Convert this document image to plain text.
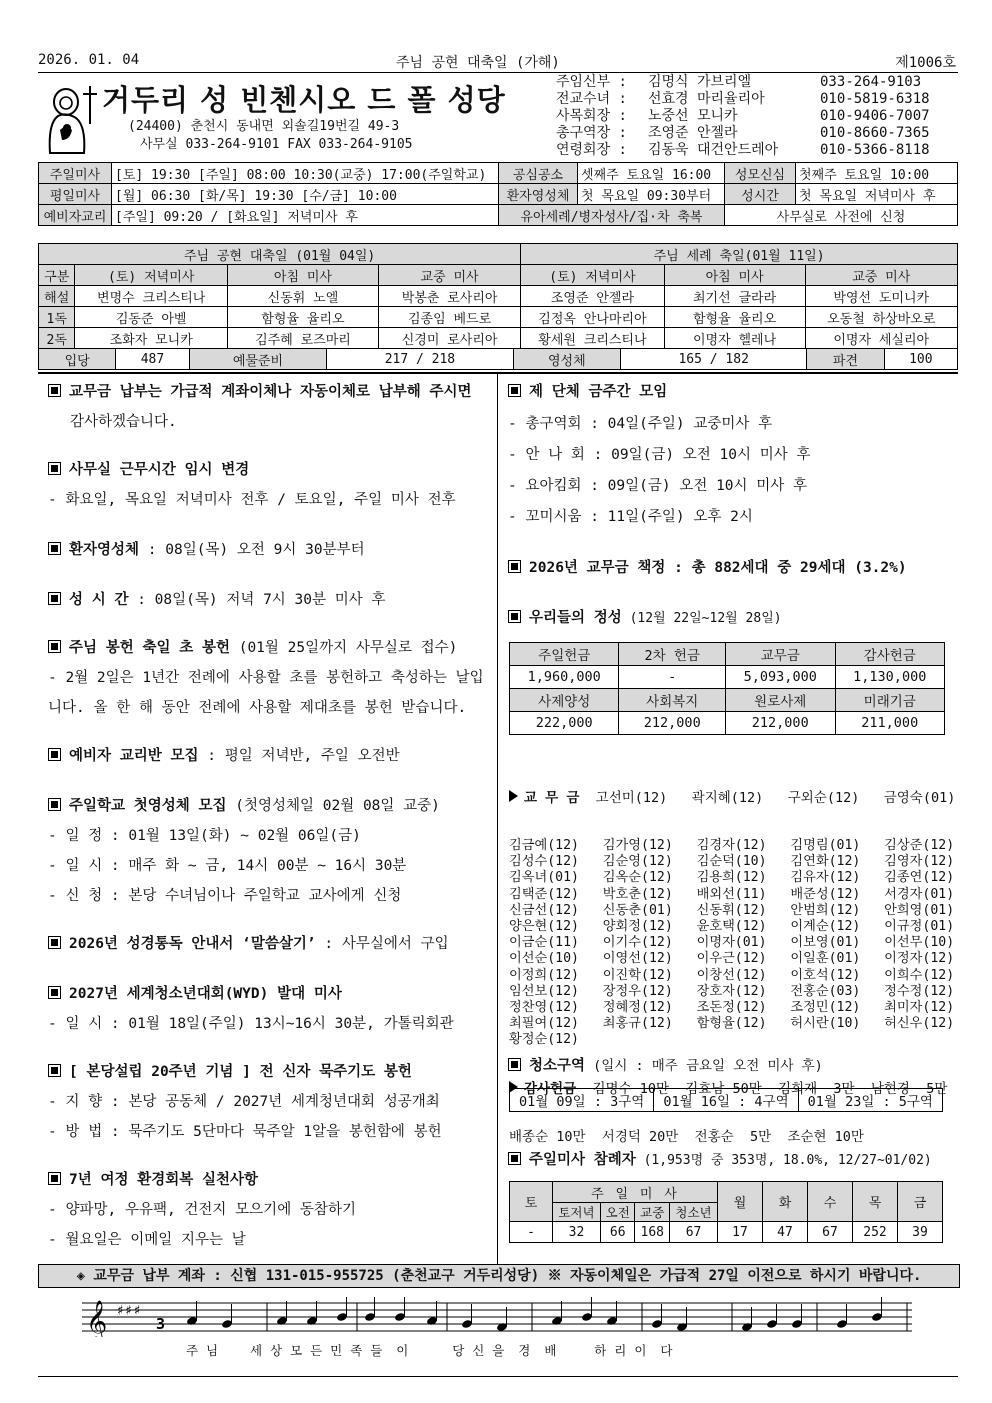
2026. 01. 04	주님 공현 대축일 (가해)	제1006호
거두리 성 빈첸시오 드 폴 성당
(24400) 춘천시 동내면 외솔길19번길 49-3
사무실 033-264-9101 FAX 033-264-9105
주임신부 : 김명식 가브리엘	033-264-9103
전교수녀 : 선효경 마리율리아	010-5819-6318
사목회장 : 노중선 모니카	010-9406-7007
총구역장 : 조영준 안젤라	010-8660-7365
연령회장 : 김동욱 대건안드레아	010-5366-8118
주일미사	[토] 19:30 [주일] 08:00 10:30(교중) 17:00(주일학교)	공심공소	셋째주 토요일 16:00	성모신심	첫째주 토요일 10:00
평일미사	[월] 06:30 [화/목] 19:30 [수/금] 10:00	환자영성체	첫 목요일 09:30부터	성시간	첫 목요일 저녁미사 후
예비자교리	[주일] 09:20 / [화요일] 저녁미사 후	유아세례/병자성사/집·차 축복		사무실로 사전에 신청	
주님 공현 대축일 (01월 04일)				주님 세례 축일(01월 11일)		
구분	(토) 저녁미사	아침 미사	교중 미사	(토) 저녁미사	아침 미사	교중 미사
해설	변명수 크리스티나	신동휘 노엘	박봉춘 로사리아	조영준 안젤라	최기선 글라라	박영선 도미니카
1독	김동준 아벨	함형율 율리오	김종임 베드로	김정옥 안나마리아	함형율 율리오	오동철 하상바오로
2독	조화자 모니카	김주혜 로즈마리	신경미 로사리아	황세원 크리스티나	이명자 헬레나	이명자 세실리아
입당	487	예물준비	217 / 218	영성체	165 / 182	파견	100
교무금 납부는 가급적 계좌이체나 자동이체로 납부해 주시면
감사하겠습니다.
사무실 근무시간 임시 변경
- 화요일, 목요일 저녁미사 전후 / 토요일, 주일 미사 전후
환자영성체 : 08일(목) 오전 9시 30분부터
성 시 간 : 08일(목) 저녁 7시 30분 미사 후
주님 봉헌 축일 초 봉헌 (01월 25일까지 사무실로 접수)
- 2월 2일은 1년간 전례에 사용할 초를 봉헌하고 축성하는 날입
니다. 올 한 해 동안 전례에 사용할 제대초를 봉헌 받습니다.
예비자 교리반 모집 : 평일 저녁반, 주일 오전반
주일학교 첫영성체 모집 (첫영성체일 02월 08일 교중)
- 일 정 : 01월 13일(화) ~ 02월 06일(금)
- 일 시 : 매주 화 ~ 금, 14시 00분 ~ 16시 30분
- 신 청 : 본당 수녀님이나 주일학교 교사에게 신청
2026년 성경통독 안내서 ‘말씀살기’ : 사무실에서 구입
2027년 세계청소년대회(WYD) 발대 미사
- 일 시 : 01월 18일(주일) 13시~16시 30분, 가톨릭회관
[ 본당설립 20주년 기념 ] 전 신자 묵주기도 봉헌
- 지 향 : 본당 공동체 / 2027년 세계청년대회 성공개최
- 방 법 : 묵주기도 5단마다 묵주알 1알을 봉헌함에 봉헌
7년 여정 환경회복 실천사항
- 양파망, 우유팩, 건전지 모으기에 동참하기
- 월요일은 이메일 지우는 날
제 단체 금주간 모임
- 총구역회 : 04일(주일) 교중미사 후
- 안 나 회 : 09일(금) 오전 10시 미사 후
- 요아킴회 : 09일(금) 오전 10시 미사 후
- 꼬미시움 : 11일(주일) 오후 2시
2026년 교무금 책정 : 총 882세대 중 29세대 (3.2%)
우리들의 정성 (12월 22일~12월 28일)
주일헌금	2차 헌금	교무금	감사헌금
1,960,000	-	5,093,000	1,130,000
사제양성	사회복지	원로사제	미래기금
222,000	212,000	212,000	211,000

교 무 금 고선미(12)   곽지혜(12)   구외순(12)   금영숙(01)

김금예(12)   김가영(12)   김경자(12)   김명림(01)   김상준(12)
김성수(12)   김순영(12)   김순덕(10)   김연화(12)   김영자(12)
김옥녀(01)   김옥순(12)   김용희(12)   김유자(12)   김종연(12)
김택준(12)   박호춘(12)   배외선(11)   배준성(12)   서경자(01)
신금선(12)   신동춘(01)   신동휘(12)   안범희(12)   안희영(01)
양은현(12)   양회정(12)   윤호택(12)   이계순(12)   이규정(01)
이금순(11)   이기수(12)   이명자(01)   이보영(01)   이선무(10)
이선순(10)   이영선(12)   이우근(12)   이일훈(01)   이정자(12)
이정희(12)   이진학(12)   이창선(12)   이호석(12)   이희수(12)
임선보(12)   장정우(12)   장호자(12)   전홍순(03)   정수정(12)
정찬영(12)   정혜정(12)   조돈정(12)   조정민(12)   최미자(12)
최필여(12)   최홍규(12)   함형율(12)   허시란(10)   허신우(12)
황정순(12)

감사헌금 김명수 10만  김효남 50만  김희재  3만  남현경  5만

배종순 10만  서경덕 20만  전홍순  5만  조순현 10만

청소구역 (일시 : 매주 금요일 오전 미사 후)
01월 09일 : 3구역	01월 16일 : 4구역	01월 23일 : 5구역
주일미사 참례자 (1,953명 중 353명, 18.0%, 12/27~01/02)
토	주 일 미 사				월	화	수	목	금
	토저녁	오전	교중	청소년					
-	32	66	168	67	17	47	67	252	39
◈ 교무금 납부 계좌 : 신협 131-015-955725 (춘천교구 거두리성당) ※ 자동이체일은 가급적 27일 이전으로 하시기 바랍니다.
𝄞 ♯♯♯
3
주 님     세 상 모 든 민 족 들  이       당 신 을  경  배      하 리 이  다
